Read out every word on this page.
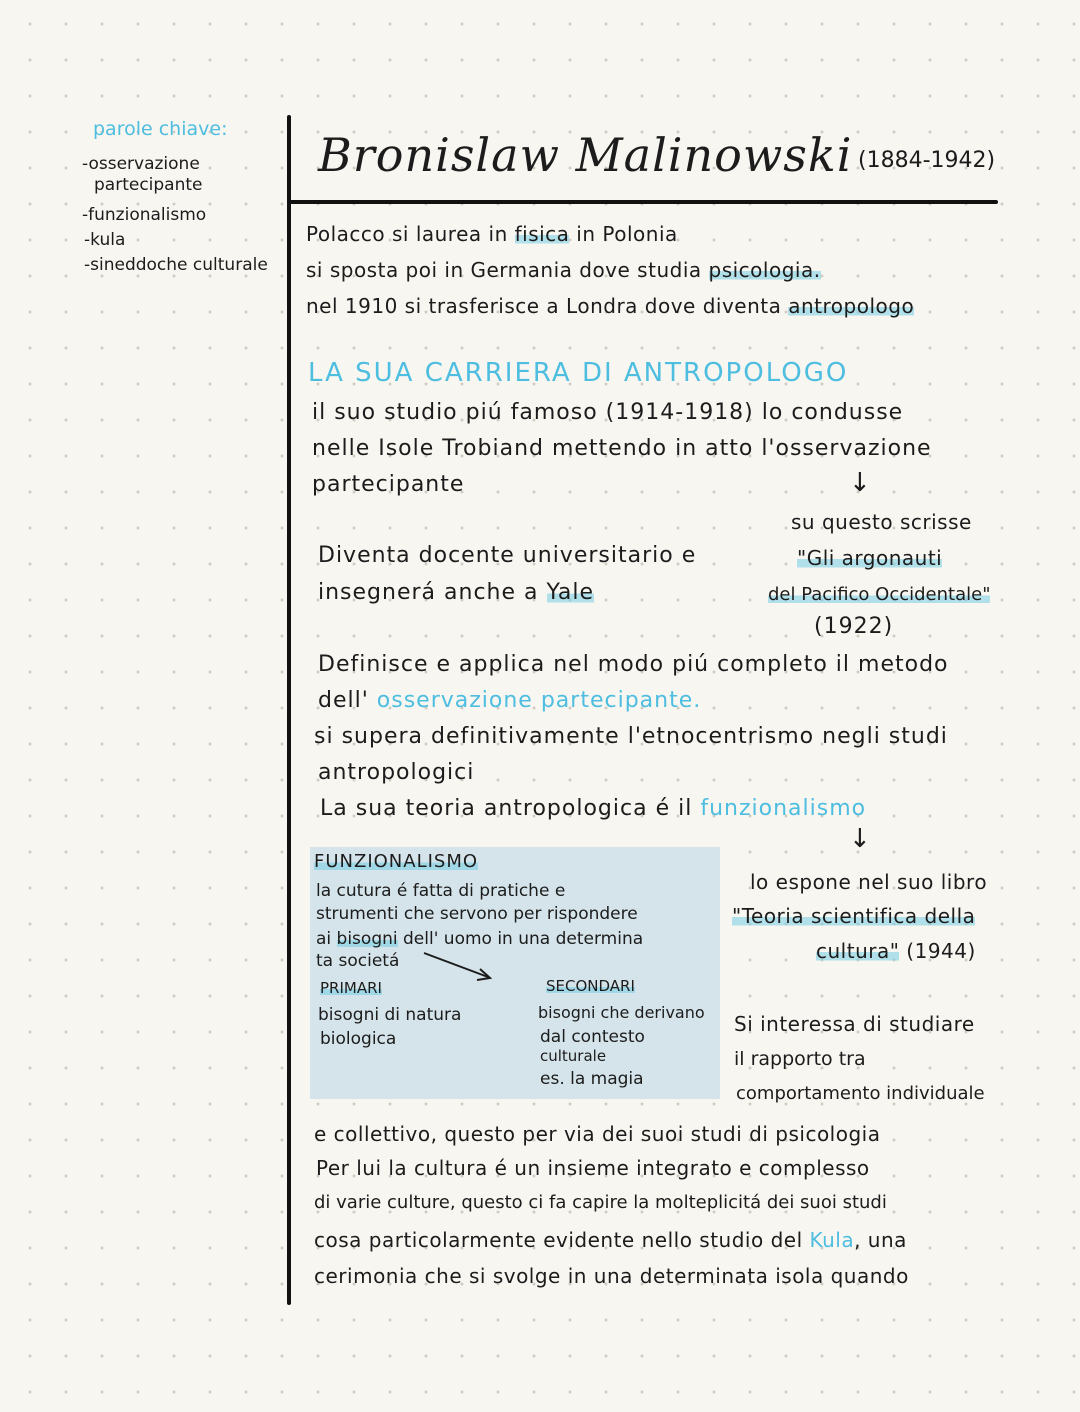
parole chiave:
-osservazione
partecipante
-funzionalismo
-kula
-sineddoche culturale
Bronislaw Malinowski (1884-1942)
Polacco si laurea in fisica in Polonia
si sposta poi in Germania dove studia psicologia.
nel 1910 si trasferisce a Londra dove diventa antropologo
LA SUA CARRIERA DI ANTROPOLOGO
il suo studio piú famoso (1914-1918) lo condusse
nelle Isole Trobiand mettendo in atto l'osservazione
partecipante	↓
su questo scrisse
"Gli argonauti
del Pacifico Occidentale"
(1922)
Diventa docente universitario e
insegnerá anche a Yale
Definisce e applica nel modo piú completo il metodo
dell' osservazione partecipante.
si supera definitivamente l'etnocentrismo negli studi
antropologici
La sua teoria antropologica é il funzionalismo
↓
FUNZIONALISMO
la cutura é fatta di pratiche e
strumenti che servono per rispondere
ai bisogni dell' uomo in una determina
ta societá
PRIMARI
bisogni di natura
biologica
SECONDARI
bisogni che derivano
dal contesto
culturale
es. la magia
lo espone nel suo libro
"Teoria scientifica della
cultura" (1944)
Si interessa di studiare
il rapporto tra
comportamento individuale
e collettivo, questo per via dei suoi studi di psicologia
Per lui la cultura é un insieme integrato e complesso
di varie culture, questo ci fa capire la molteplicitá dei suoi studi
cosa particolarmente evidente nello studio del Kula, una
cerimonia che si svolge in una determinata isola quando
